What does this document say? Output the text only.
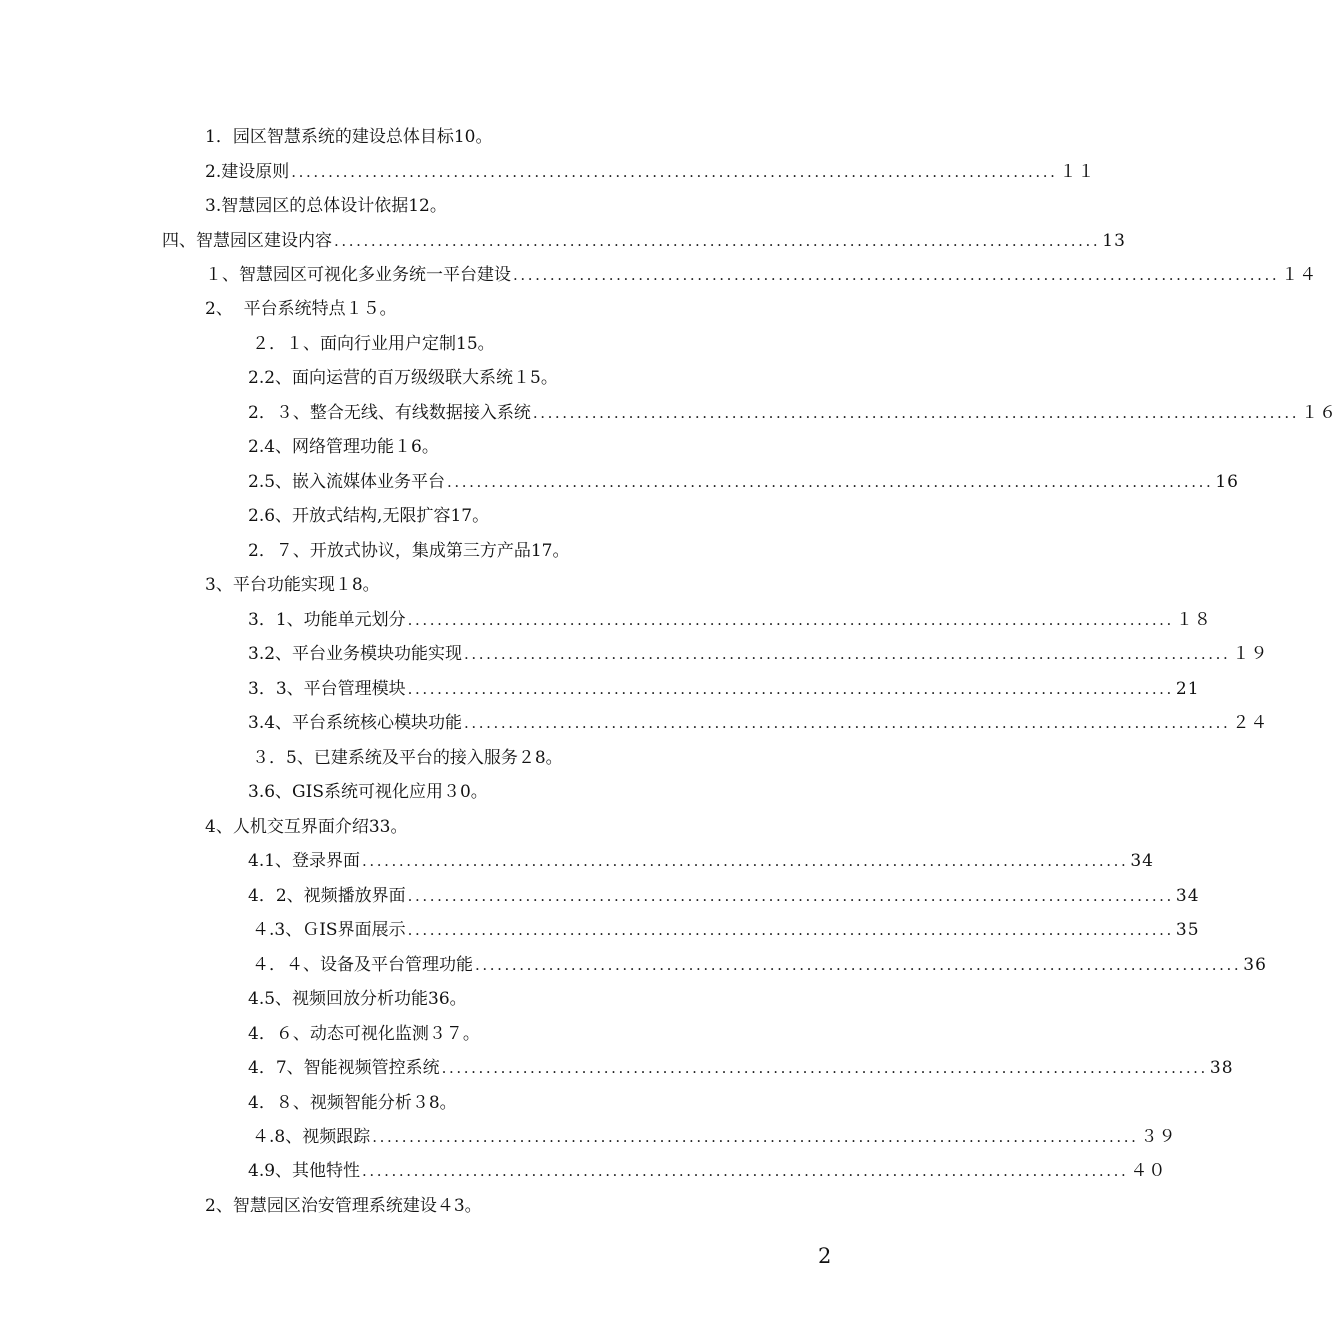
1．园区智慧系统的建设总体目标10。
2.建设原则 ........................................................................................................ １１
3.智慧园区的总体设计依据12。
四、智慧园区建设内容 ........................................................................................................ 13
１、智慧园区可视化多业务统一平台建设 ........................................................................................................ １４
2、  平台系统特点１５。
２．１、面向行业用户定制15。
2.2、面向运营的百万级级联大系统１5。
2．３、整合无线、有线数据接入系统 ........................................................................................................ １６
2.4、网络管理功能１6。
2.5、嵌入流媒体业务平台 ........................................................................................................ 16
2.6、开放式结构,无限扩容17。
2．７、开放式协议，集成第三方产品17。
3、平台功能实现１8。
3．1、功能单元划分 ........................................................................................................ １８
3.2、平台业务模块功能实现 ........................................................................................................ １９
3．3、平台管理模块 ........................................................................................................ 21
3.4、平台系统核心模块功能 ........................................................................................................ ２４
３．5、已建系统及平台的接入服务２8。
3.6、GIS系统可视化应用３0。
4、人机交互界面介绍33。
4.1、登录界面 ........................................................................................................ 34
4．2、视频播放界面 ........................................................................................................ 34
４.3、ＧIS界面展示 ........................................................................................................ 35
４．４、设备及平台管理功能 ........................................................................................................ 36
4.5、视频回放分析功能36。
4．６、动态可视化监测３７。
4．7、智能视频管控系统 ........................................................................................................ 38
4．８、视频智能分析３8。
４.8、视频跟踪 ........................................................................................................ ３９
4.9、其他特性 ........................................................................................................ ４０
2、智慧园区治安管理系统建设４3。
2
